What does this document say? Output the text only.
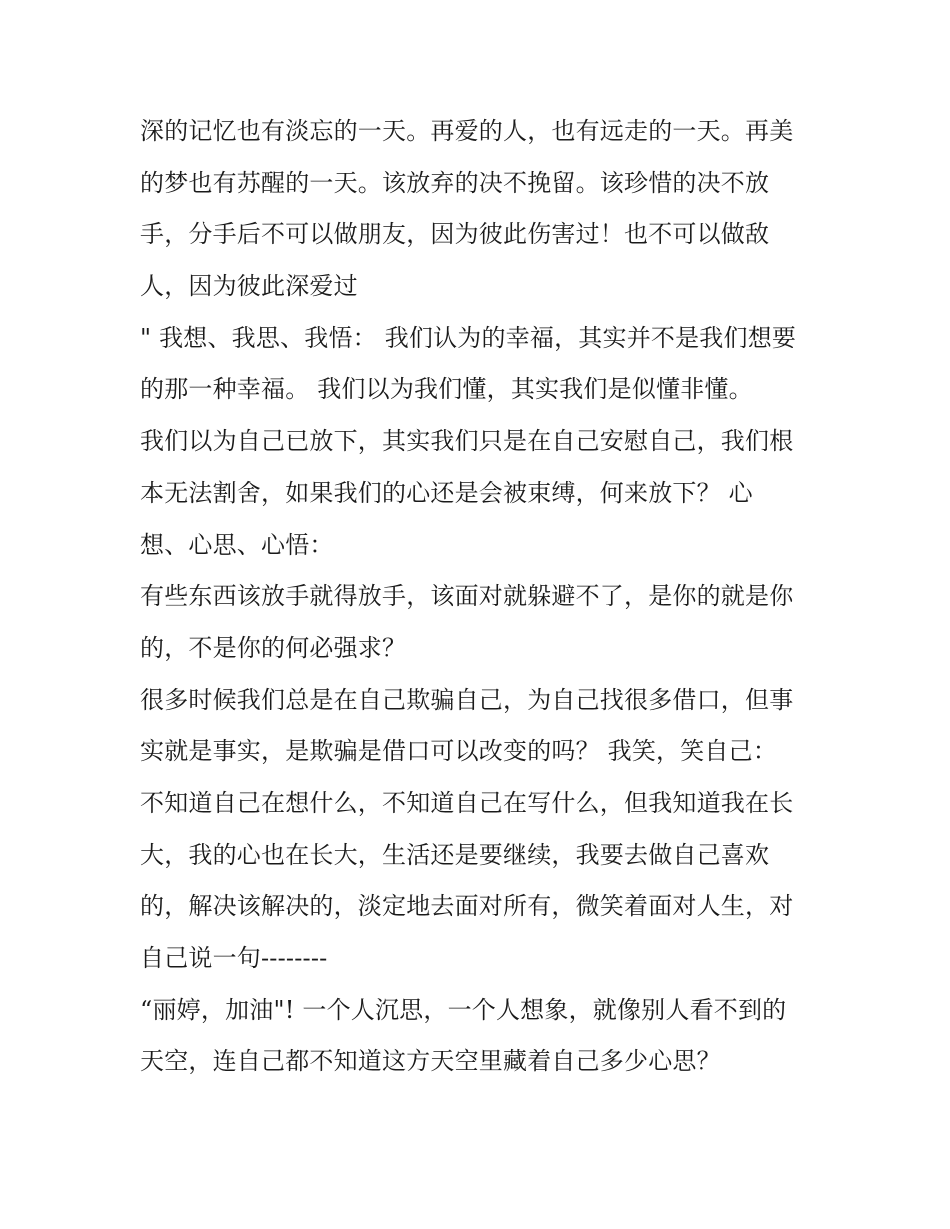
深的记忆也有淡忘的一天。再爱的人，也有远走的一天。再美
的梦也有苏醒的一天。该放弃的决不挽留。该珍惜的决不放
手，分手后不可以做朋友，因为彼此伤害过！也不可以做敌
人，因为彼此深爱过
" 我想、我思、我悟： 我们认为的幸福，其实并不是我们想要
的那一种幸福。 我们以为我们懂，其实我们是似懂非懂。
我们以为自己已放下，其实我们只是在自己安慰自己，我们根
本无法割舍，如果我们的心还是会被束缚，何来放下？ 心
想、心思、心悟：
有些东西该放手就得放手，该面对就躲避不了，是你的就是你
的，不是你的何必强求？
很多时候我们总是在自己欺骗自己，为自己找很多借口，但事
实就是事实，是欺骗是借口可以改变的吗？ 我笑，笑自己：
不知道自己在想什么，不知道自己在写什么，但我知道我在长
大，我的心也在长大，生活还是要继续，我要去做自己喜欢
的，解决该解决的，淡定地去面对所有，微笑着面对人生，对
自己说一句--------
“丽婷，加油"! 一个人沉思，一个人想象，就像别人看不到的
天空，连自己都不知道这方天空里藏着自己多少心思？
